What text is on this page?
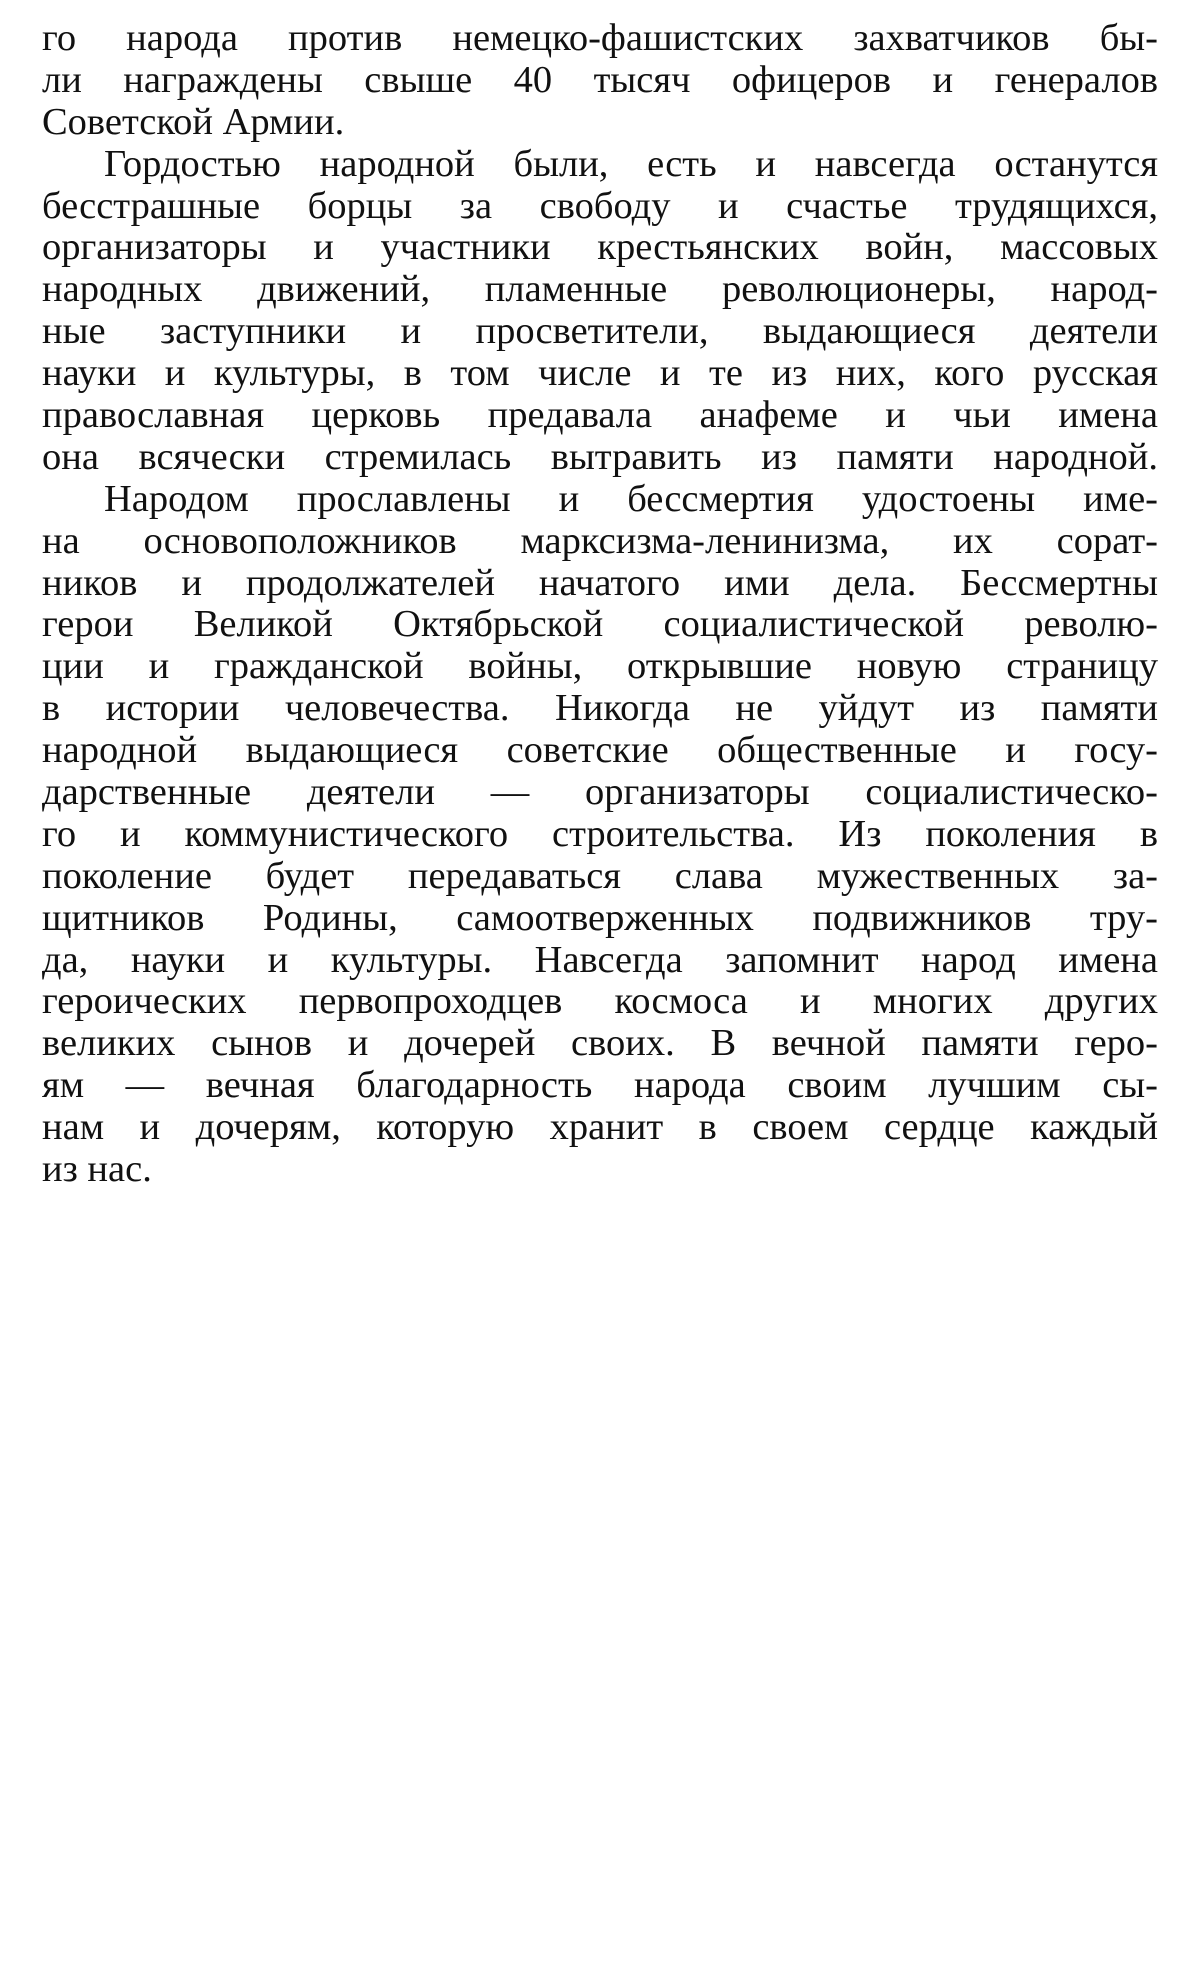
го народа против немецко-фашистских захватчиков бы-
ли награждены свыше 40 тысяч офицеров и генералов
Советской Армии.
Гордостью народной были, есть и навсегда останутся
бесстрашные борцы за свободу и счастье трудящихся,
организаторы и участники крестьянских войн, массовых
народных движений, пламенные революционеры, народ-
ные заступники и просветители, выдающиеся деятели
науки и культуры, в том числе и те из них, кого русская
православная церковь предавала анафеме и чьи имена
она всячески стремилась вытравить из памяти народной.
Народом прославлены и бессмертия удостоены име-
на основоположников марксизма-ленинизма, их сорат-
ников и продолжателей начатого ими дела. Бессмертны
герои Великой Октябрьской социалистической револю-
ции и гражданской войны, открывшие новую страницу
в истории человечества. Никогда не уйдут из памяти
народной выдающиеся советские общественные и госу-
дарственные деятели — организаторы социалистическо-
го и коммунистического строительства. Из поколения в
поколение будет передаваться слава мужественных за-
щитников Родины, самоотверженных подвижников тру-
да, науки и культуры. Навсегда запомнит народ имена
героических первопроходцев космоса и многих других
великих сынов и дочерей своих. В вечной памяти геро-
ям — вечная благодарность народа своим лучшим сы-
нам и дочерям, которую хранит в своем сердце каждый
из нас.
